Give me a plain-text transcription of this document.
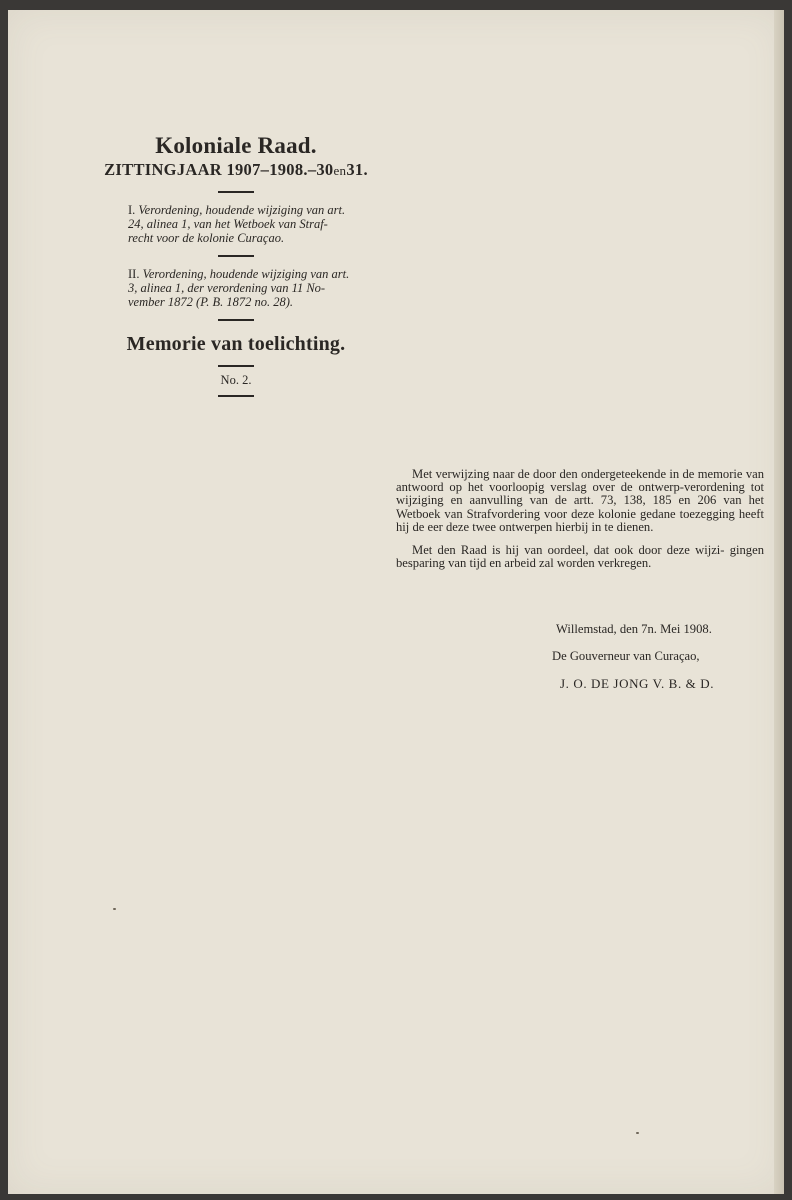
Koloniale Raad.

ZITTINGJAAR 1907–1908.–30en31.

I. Verordening, houdende wijziging van art.
24, alinea 1, van het Wetboek van Straf-
recht voor de kolonie Curaçao.
II. Verordening, houdende wijziging van art.
3, alinea 1, der verordening van 11 No-
vember 1872 (P. B. 1872 no. 28).

Memorie van toelichting.

No. 2.

Met verwijzing naar de door den ondergeteekende in de memorie van antwoord op het voorloopig verslag over de ontwerp-verordening tot wijziging en aanvulling van de artt. 73, 138, 185 en 206 van het Wetboek van Strafvordering voor deze kolonie gedane toezegging heeft hij de eer deze twee ontwerpen hierbij in te dienen.

Met den Raad is hij van oordeel, dat ook door deze wijzi- gingen besparing van tijd en arbeid zal worden verkregen.

Willemstad, den 7n. Mei 1908.
De Gouverneur van Curaçao,
J. O. DE JONG V. B. & D.
